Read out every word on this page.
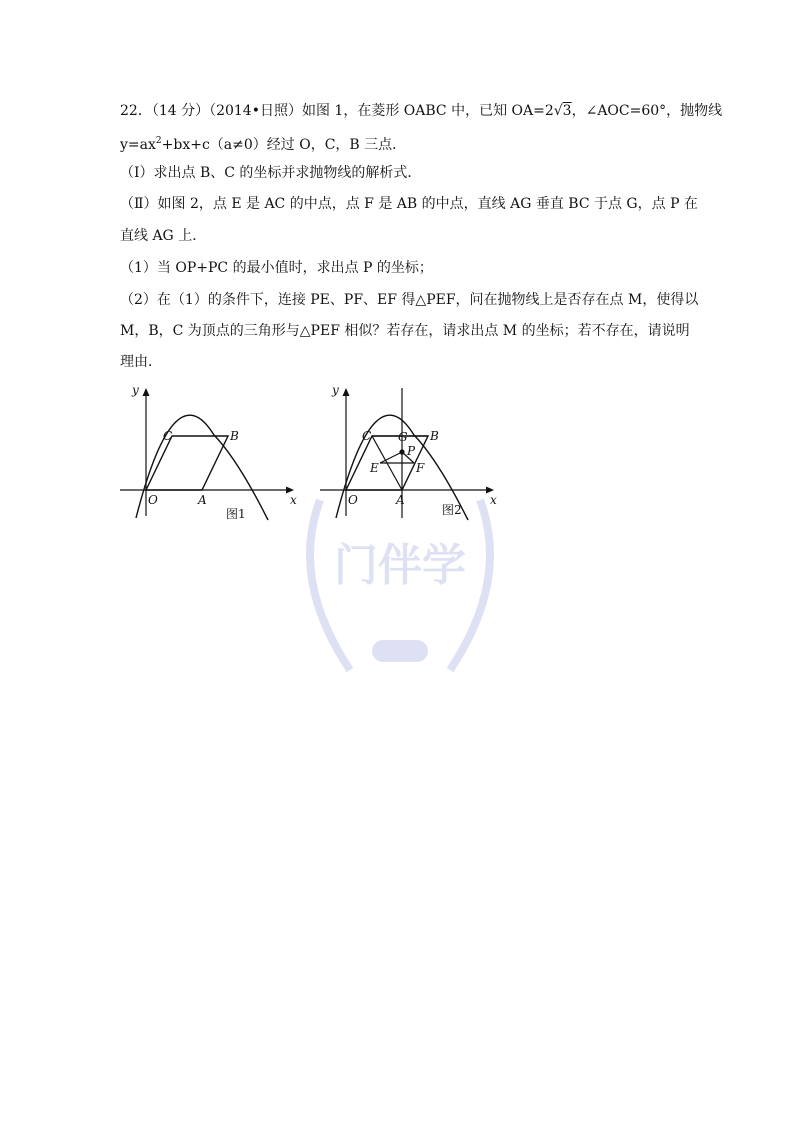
22．（14 分）（2014•日照）如图 1，在菱形 OABC 中，已知 OA=2√3，∠AOC=60°，抛物线
$y=ax^2+bx+c(a\ne 0)$经过 O，C，B 三点．
（Ⅰ）求出点 B、C 的坐标并求抛物线的解析式．
（Ⅱ）如图 2，点 E 是 AC 的中点，点 F 是 AB 的中点，直线 AG 垂直 BC 于点 G，点 P 在
直线 AG 上．
（1）当 OP+PC 的最小值时，求出点 P 的坐标；
（2）在（1）的条件下，连接 PE、PF、EF 得△PEF，问在抛物线上是否存在点 M，使得以
M，B，C 为顶点的三角形与△PEF 相似？若存在，请求出点 M 的坐标；若不存在，请说明
理由．
y
x
O	A
B
C
图1
y
x
O	A
B
C G
P
E	F
图2
门伴学
